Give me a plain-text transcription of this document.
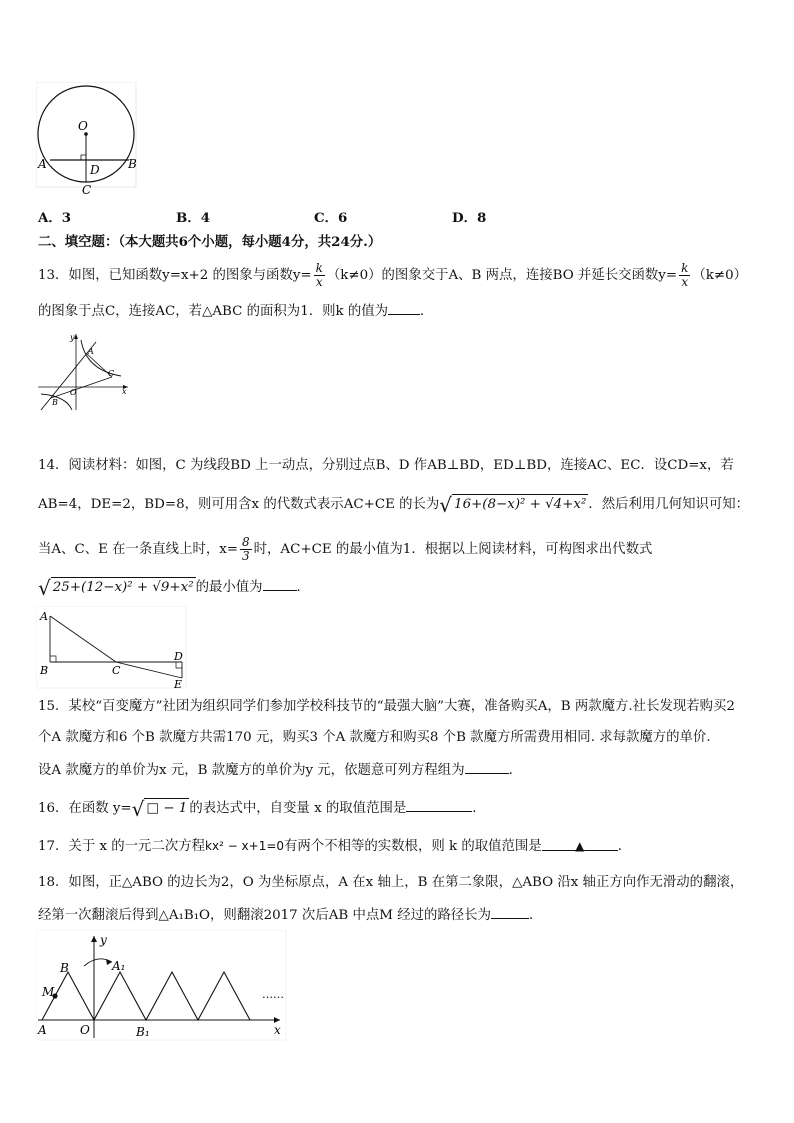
O
A	D B
C
A．3	B．4	C．6	D．8
二、填空题：（本大题共6个小题，每小题4分，共24分.）
13．如图，已知函数y=x+2 的图象与函数$y= \frac{k}{x} (k\ne 0)$的图象交于A、B 两点，连接BO 并延长交函数$y= \frac{k}{x} (k\ne 0)$
的图象于点C，连接AC，若△ABC 的面积为1．则k 的值为 ．
y
A
C
O
B
x
14．阅读材料：如图，C 为线段BD 上一动点，分别过点B、D 作AB⊥BD，ED⊥BD，连接AC、EC．设CD=x，若
AB=4，DE=2，BD=8，则可用含x 的代数式表示AC+CE 的长为√ 16+(8−x)² + √4+x² ．然后利用几何知识可知：
当A、C、E 在一条直线上时，$x= \frac{8}{3}$ 时，AC+CE 的最小值为1．根据以上阅读材料，可构图求出代数式
√ 25+(12−x)² + √9+x² 的最小值为	．
A
B	C
D
E
15．某校“百变魔方”社团为组织同学们参加学校科技节的“最强大脑”大赛，准备购买A，B 两款魔方.社长发现若购买2
个A 款魔方和6 个B 款魔方共需170 元，购买3 个A 款魔方和购买8 个B 款魔方所需费用相同. 求每款魔方的单价.
设A 款魔方的单价为x 元，B 款魔方的单价为y 元，依题意可列方程组为	.
16．在函数 y=√ □ − 1 的表达式中，自变量 x 的取值范围是	．
17．关于 x 的一元二次方程kx² − x+1=0有两个不相等的实数根，则 k 的取值范围是	▲ ．
18．如图，正△ABO 的边长为2，O 为坐标原点，A 在x 轴上，B 在第二象限，△ABO 沿x 轴正方向作无滑动的翻滚，
经第一次翻滚后得到△A₁B₁O，则翻滚2017 次后AB 中点M 经过的路径长为	．
……
y
B	A₁
M
A	O	B₁	x
